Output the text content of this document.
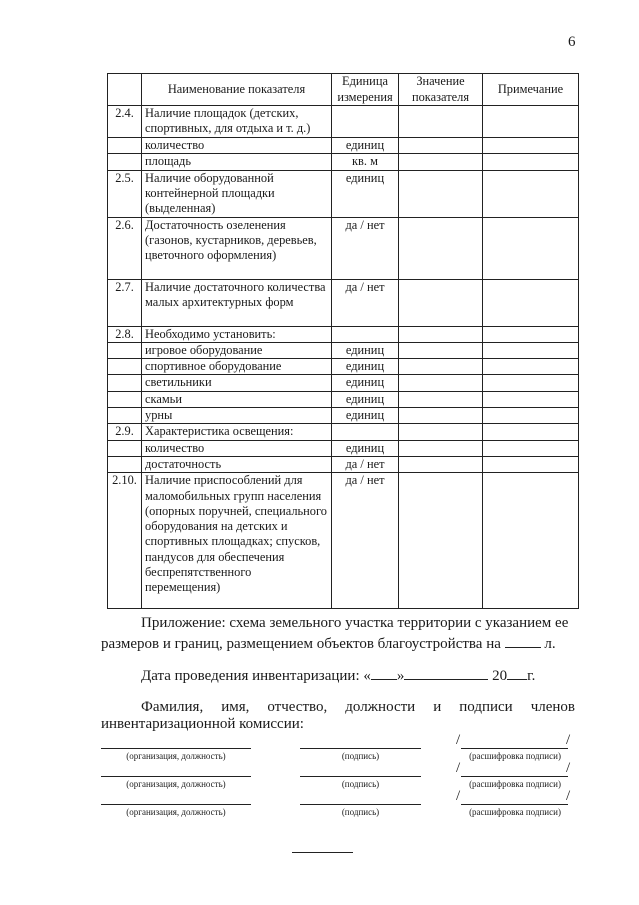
6
	Наименование показателя	Единица измерения	Значение показателя	Примечание
2.4.	Наличие площадок (детских, спортивных, для отдыха и т. д.)			
	количество	единиц		
	площадь	кв. м		
2.5.	Наличие оборудованной контейнерной площадки (выделенная)	единиц		
2.6.	Достаточность озеленения (газонов, кустарников, деревьев, цветочного оформления)	да / нет		
2.7.	Наличие достаточного количества малых архитектурных форм	да / нет		
2.8.	Необходимо установить:			
	игровое оборудование	единиц		
	спортивное оборудование	единиц		
	светильники	единиц		
	скамьи	единиц		
	урны	единиц		
2.9.	Характеристика освещения:			
	количество	единиц		
	достаточность	да / нет		
2.10.	Наличие приспособлений для маломобильных групп населения (опорных поручней, специального оборудования на детских и спортивных площадках; спусков, пандусов для обеспечения беспрепятственного перемещения)	да / нет		
Приложение: схема земельного участка территории с указанием ее
размеров и границ, размещением объектов благоустройства на	л.
Дата проведения инвентаризации: « »	20 г.
Фамилия, имя, отчество, должности и подписи членов
инвентаризационной комиссии:
/	/
(организация, должность)	(подпись)	(расшифровка подписи)
/	/
(организация, должность)	(подпись)	(расшифровка подписи)
/	/
(организация, должность)	(подпись)	(расшифровка подписи)
